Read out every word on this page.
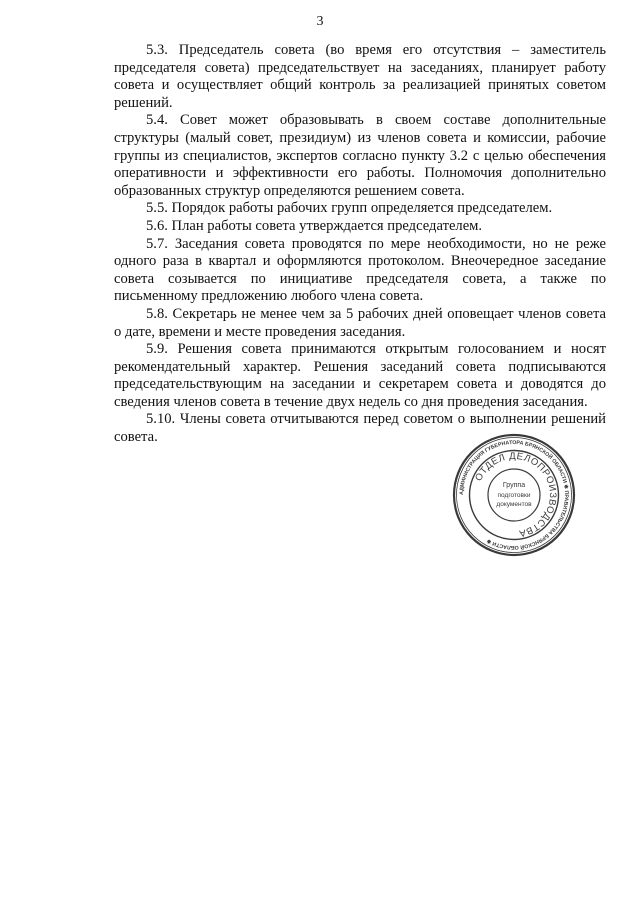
3

5.3. Председатель совета (во время его отсутствия – заместитель председателя совета) председательствует на заседаниях, планирует работу совета и осуществляет общий контроль за реализацией принятых советом решений.

5.4. Совет может образовывать в своем составе дополнительные структуры (малый совет, президиум) из членов совета и комиссии, рабочие группы из специалистов, экспертов согласно пункту 3.2 с целью обеспечения оперативности и эффективности его работы. Полномочия дополнительно образованных структур определяются решением совета.

5.5. Порядок работы рабочих групп определяется председателем.

5.6. План работы совета утверждается председателем.

5.7. Заседания совета проводятся по мере необходимости, но не реже одного раза в квартал и оформляются протоколом. Внеочередное заседание совета созывается по инициативе председателя совета, а также по письменному предложению любого члена совета.

5.8. Секретарь не менее чем за 5 рабочих дней оповещает членов совета о дате, времени и месте проведения заседания.

5.9. Решения совета принимаются открытым голосованием и носят рекомендательный характер. Решения заседаний совета подписываются председательствующим на заседании и секретарем совета и доводятся до сведения членов совета в течение двух недель со дня проведения заседания.

5.10. Члены совета отчитываются перед советом о выполнении решений совета.

АДМИНИСТРАЦИЯ ГУБЕРНАТОРА БРЯНСКОЙ ОБЛАСТИ ✱ ПРАВИТЕЛЬСТВА БРЯНСКОЙ ОБЛАСТИ ✱
ОТДЕЛ ДЕЛОПРОИЗВОДСТВА
Группа
подготовки
документов
